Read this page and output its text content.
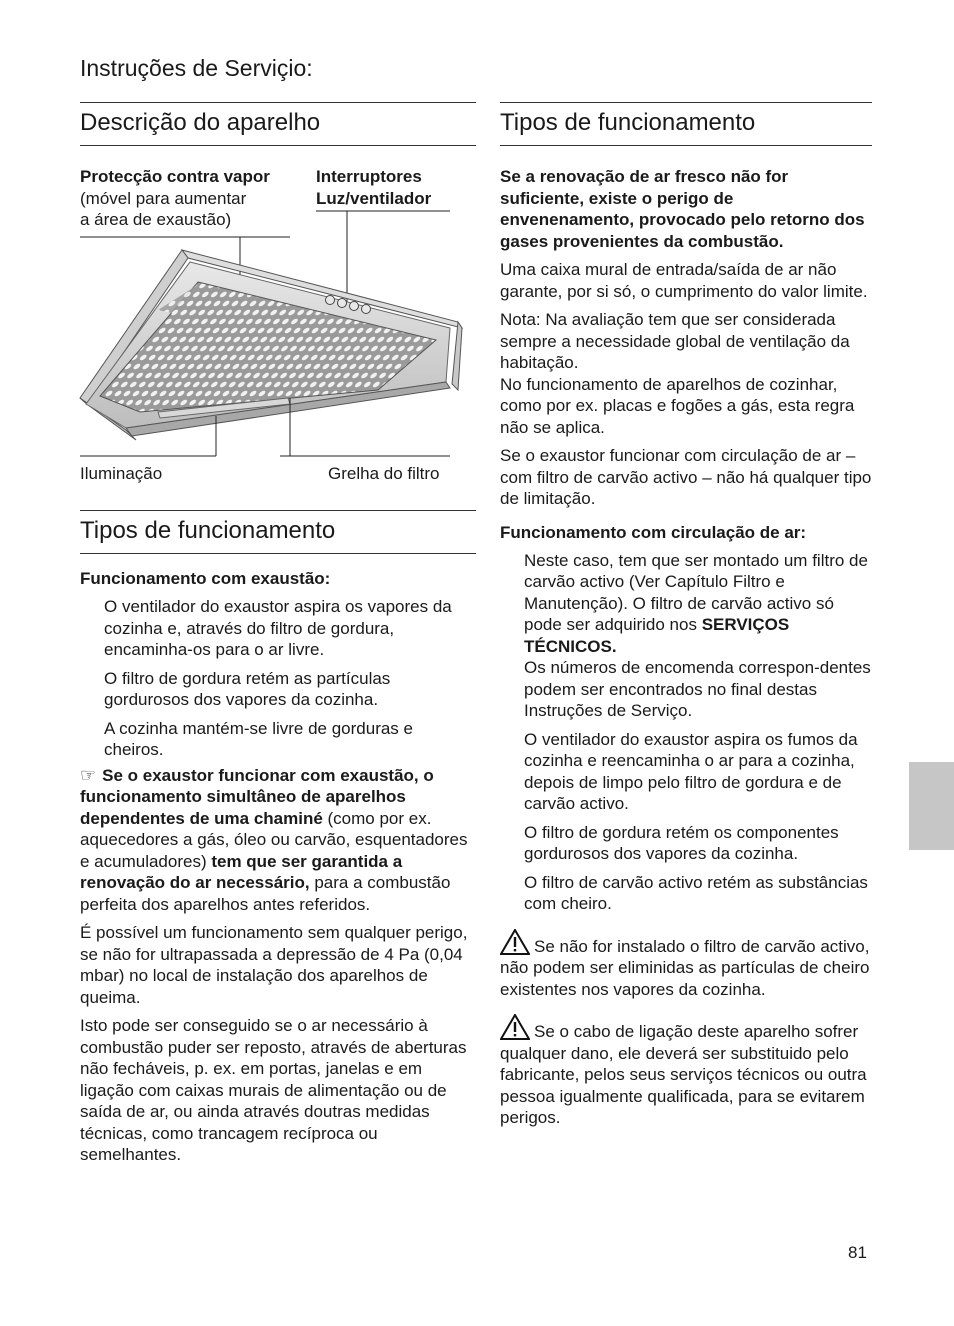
Instruções de Serviçio:
Descrição do aparelho
Protecção contra vapor
(móvel para aumentar
a área de exaustão)
Interruptores
Luz/ventilador
Iluminação	Grelha do filtro
Tipos de funcionamento
Funcionamento com exaustão:

O ventilador do exaustor aspira os vapores da cozinha e, através do filtro de gordura, encaminha-os para o ar livre.

O filtro de gordura retém as partículas gordurosos dos vapores da cozinha.

A cozinha mantém-se livre de gorduras e cheiros.

☞ Se o exaustor funcionar com exaustão, o funcionamento simultâneo de aparelhos dependentes de uma chaminé (como por ex. aquecedores a gás, óleo ou carvão, esquentadores e acumuladores) tem que ser garantida a renovação do ar necessário, para a combustão perfeita dos aparelhos antes referidos.

É possível um funcionamento sem qualquer perigo, se não for ultrapassada a depressão de 4 Pa (0,04 mbar) no local de instalação dos aparelhos de queima.

Isto pode ser conseguido se o ar necessário à combustão puder ser reposto, através de aberturas não fecháveis, p. ex. em portas, janelas e em ligação com caixas murais de alimentação ou de saída de ar, ou ainda através doutras medidas técnicas, como trancagem recíproca ou semelhantes.

Tipos de funcionamento

Se a renovação de ar fresco não for suficiente, existe o perigo de envenenamento, provocado pelo retorno dos gases provenientes da combustão.

Uma caixa mural de entrada/saída de ar não garante, por si só, o cumprimento do valor limite.

Nota: Na avaliação tem que ser considerada sempre a necessidade global de ventilação da habitação.

No funcionamento de aparelhos de cozinhar, como por ex. placas e fogões a gás, esta regra não se aplica.

Se o exaustor funcionar com circulação de ar – com filtro de carvão activo – não há qualquer tipo de limitação.

Funcionamento com circulação de ar:

Neste caso, tem que ser montado um filtro de carvão activo (Ver Capítulo Filtro e Manutenção). O filtro de carvão activo só pode ser adquirido nos SERVIÇOS TÉCNICOS.
Os números de encomenda correspon-dentes podem ser encontrados no final destas Instruções de Serviço.

O ventilador do exaustor aspira os fumos da cozinha e reencaminha o ar para a cozinha, depois de limpo pelo filtro de gordura e de carvão activo.

O filtro de gordura retém os componentes gordurosos dos vapores da cozinha.

O filtro de carvão activo retém as substâncias com cheiro.

Se não for instalado o filtro de carvão activo, não podem ser eliminidas as partículas de cheiro existentes nos vapores da cozinha.

Se o cabo de ligação deste aparelho sofrer qualquer dano, ele deverá ser substituido pelo fabricante, pelos seus serviços técnicos ou outra pessoa igualmente qualificada, para se evitarem perigos.

81
